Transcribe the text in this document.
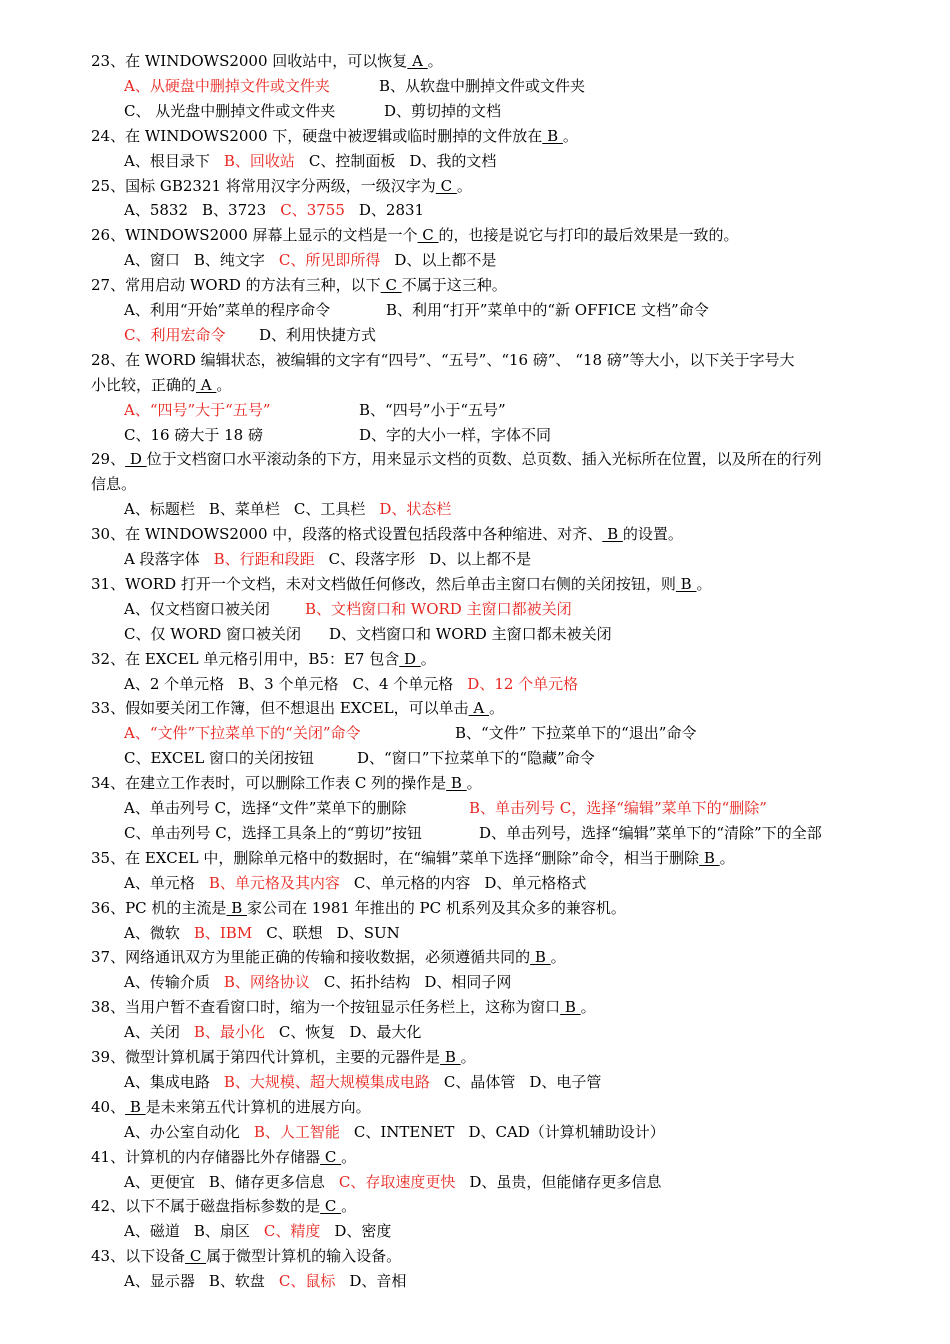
23、在 WINDOWS2000 回收站中，可以恢复 A 。
A、从硬盘中删掉文件或文件夹	B、从软盘中删掉文件或文件夹
C、 从光盘中删掉文件或文件夹	D、剪切掉的文档
24、在 WINDOWS2000 下，硬盘中被逻辑或临时删掉的文件放在 B 。
A、根目录下 B、回收站 C、控制面板 D、我的文档
25、国标 GB2321 将常用汉字分两级，一级汉字为 C 。
A、5832 B、3723 C、3755 D、2831
26、WINDOWS2000 屏幕上显示的文档是一个 C 的，也接是说它与打印的最后效果是一致的。
A、窗口 B、纯文字 C、所见即所得 D、以上都不是
27、常用启动 WORD 的方法有三种，以下 C 不属于这三种。
A、利用“开始”菜单的程序命令	B、利用“打开”菜单中的“新 OFFICE 文档”命令
C、利用宏命令 D、利用快捷方式
28、在 WORD 编辑状态，被编辑的文字有“四号”、“五号”、“16 磅”、 “18 磅”等大小，以下关于字号大
小比较，正确的 A 。
A、“四号”大于“五号”	B、“四号”小于“五号”
C、16 磅大于 18 磅	D、字的大小一样，字体不同
29、 D 位于文档窗口水平滚动条的下方，用来显示文档的页数、总页数、插入光标所在位置，以及所在的行列
信息。
A、标题栏 B、菜单栏 C、工具栏 D、状态栏
30、在 WINDOWS2000 中，段落的格式设置包括段落中各种缩进、对齐、 B 的设置。
A 段落字体 B、行距和段距 C、段落字形 D、以上都不是
31、WORD 打开一个文档，未对文档做任何修改，然后单击主窗口右侧的关闭按钮，则 B 。
A、仅文档窗口被关闭 B、文档窗口和 WORD 主窗口都被关闭
C、仅 WORD 窗口被关闭 D、文档窗口和 WORD 主窗口都未被关闭
32、在 EXCEL 单元格引用中，B5：E7 包含 D 。
A、2 个单元格 B、3 个单元格 C、4 个单元格 D、12 个单元格
33、假如要关闭工作簿，但不想退出 EXCEL，可以单击 A 。
A、“文件”下拉菜单下的“关闭”命令	B、“文件” 下拉菜单下的“退出”命令
C、EXCEL 窗口的关闭按钮	D、“窗口”下拉菜单下的“隐藏”命令
34、在建立工作表时，可以删除工作表 C 列的操作是 B 。
A、单击列号 C，选择“文件”菜单下的删除	B、单击列号 C，选择“编辑”菜单下的“删除”
C、单击列号 C，选择工具条上的“剪切”按钮	D、单击列号，选择“编辑”菜单下的“清除”下的全部
35、在 EXCEL 中，删除单元格中的数据时，在“编辑”菜单下选择“删除”命令，相当于删除 B 。
A、单元格 B、单元格及其内容 C、单元格的内容 D、单元格格式
36、PC 机的主流是 B 家公司在 1981 年推出的 PC 机系列及其众多的兼容机。
A、微软 B、IBM C、联想 D、SUN
37、网络通讯双方为里能正确的传输和接收数据，必须遵循共同的 B 。
A、传输介质 B、网络协议 C、拓扑结构 D、相同子网
38、当用户暂不查看窗口时，缩为一个按钮显示任务栏上，这称为窗口 B 。
A、关闭 B、最小化 C、恢复 D、最大化
39、微型计算机属于第四代计算机，主要的元器件是 B 。
A、集成电路 B、大规模、超大规模集成电路 C、晶体管 D、电子管
40、 B 是未来第五代计算机的进展方向。
A、办公室自动化 B、人工智能 C、INTENET D、CAD（计算机辅助设计）
41、计算机的内存储器比外存储器 C 。
A、更便宜 B、储存更多信息 C、存取速度更快 D、虽贵，但能储存更多信息
42、以下不属于磁盘指标参数的是 C 。
A、磁道 B、扇区 C、精度 D、密度
43、以下设备 C 属于微型计算机的输入设备。
A、显示器 B、软盘 C、鼠标 D、音相
